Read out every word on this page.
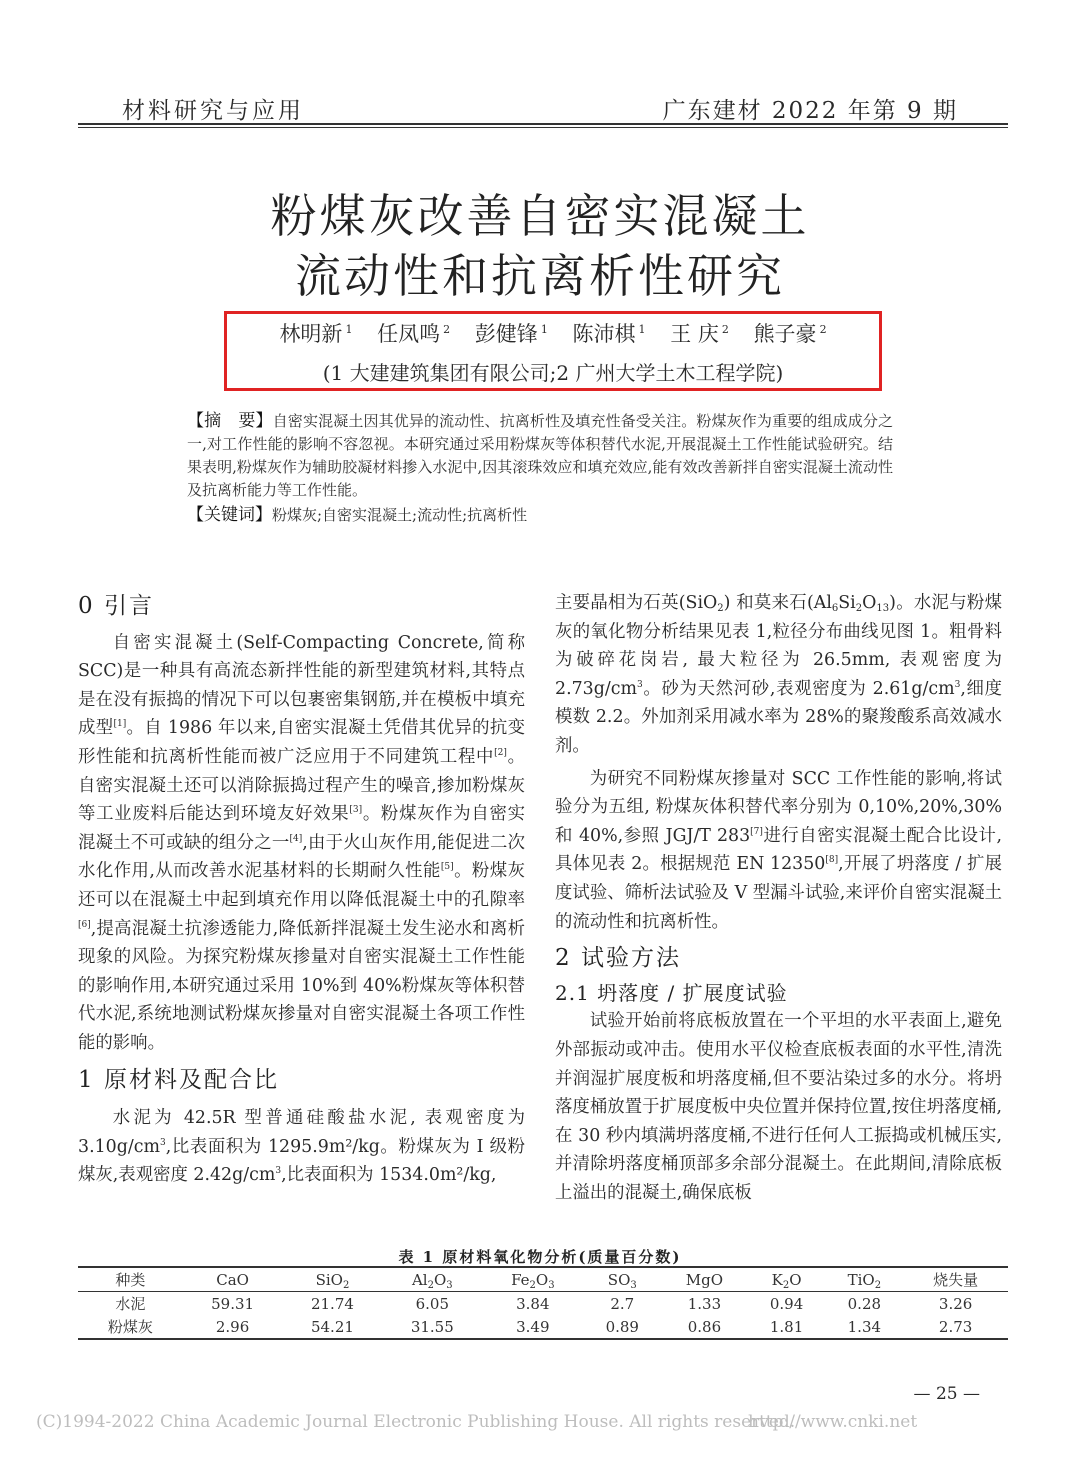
材料研究与应用	广东建材 2022 年第 9 期
粉煤灰改善自密实混凝土
流动性和抗离析性研究
林明新 $^1$ 任凤鸣 $^2$ 彭健锋 $^1$ 陈沛棋 $^1$ 王 庆 $^2$ 熊子豪 $^2$
(1 大建建筑集团有限公司;2 广州大学土木工程学院)
【摘　要】自密实混凝土因其优异的流动性、抗离析性及填充性备受关注。粉煤灰作为重要的组成成分之一,对工作性能的影响不容忽视。本研究通过采用粉煤灰等体积替代水泥,开展混凝土工作性能试验研究。结果表明,粉煤灰作为辅助胶凝材料掺入水泥中,因其滚珠效应和填充效应,能有效改善新拌自密实混凝土流动性及抗离析能力等工作性能。
【关键词】粉煤灰;自密实混凝土;流动性;抗离析性
0 引言

自密实混凝土(Self-Compacting Concrete,简称SCC)是一种具有高流态新拌性能的新型建筑材料,其特点是在没有振捣的情况下可以包裹密集钢筋,并在模板中填充成型[1]。自 1986 年以来,自密实混凝土凭借其优异的抗变形性能和抗离析性能而被广泛应用于不同建筑工程中[2]。自密实混凝土还可以消除振捣过程产生的噪音,掺加粉煤灰等工业废料后能达到环境友好效果[3]。粉煤灰作为自密实混凝土不可或缺的组分之一[4],由于火山灰作用,能促进二次水化作用,从而改善水泥基材料的长期耐久性能[5]。粉煤灰还可以在混凝土中起到填充作用以降低混凝土中的孔隙率[6],提高混凝土抗渗透能力,降低新拌混凝土发生泌水和离析现象的风险。为探究粉煤灰掺量对自密实混凝土工作性能的影响作用,本研究通过采用 10%到 40%粉煤灰等体积替代水泥,系统地测试粉煤灰掺量对自密实混凝土各项工作性能的影响。

1 原材料及配合比

水泥为 42.5R 型普通硅酸盐水泥, 表观密度为 $3.10g/cm^3$,比表面积为 1295.9m²/kg。粉煤灰为 I 级粉煤灰,表观密度 $2.42g/cm^3$,比表面积为 1534.0m²/kg,

主要晶相为石英(SiO$_2$) 和莫来石$(Al_6Si_2O_{13})$。水泥与粉煤灰的氧化物分析结果见表 1,粒径分布曲线见图 1。粗骨料为破碎花岗岩, 最大粒径为 26.5mm, 表观密度为 $2.73g/cm^3$。砂为天然河砂,表观密度为 $2.61g/cm^3$,细度模数 2.2。外加剂采用减水率为 28%的聚羧酸系高效减水剂。

为研究不同粉煤灰掺量对 SCC 工作性能的影响,将试验分为五组, 粉煤灰体积替代率分别为 0,10%,20%,30%和 40%,参照 JGJ/T 283[7]进行自密实混凝土配合比设计,具体见表 2。根据规范 EN 12350[8],开展了坍落度 / 扩展度试验、筛析法试验及 V 型漏斗试验,来评价自密实混凝土的流动性和抗离析性。

2 试验方法
2.1 坍落度 / 扩展度试验

试验开始前将底板放置在一个平坦的水平表面上,避免外部振动或冲击。使用水平仪检查底板表面的水平性,清洗并润湿扩展度板和坍落度桶,但不要沾染过多的水分。将坍落度桶放置于扩展度板中央位置并保持位置,按住坍落度桶,在 30 秒内填满坍落度桶,不进行任何人工振捣或机械压实,并清除坍落度桶顶部多余部分混凝土。在此期间,清除底板上溢出的混凝土,确保底板

表 1 原材料氧化物分析(质量百分数)
种类	CaO	SiO$_2$	$Al_2O_3$	$Fe_2O_3$	$SO_3$	MgO	$K_2O$	TiO$_2$	烧失量
水泥	59.31	21.74	6.05	3.84	2.7	1.33	0.94	0.28	3.26
粉煤灰	2.96	54.21	31.55	3.49	0.89	0.86	1.81	1.34	2.73
— 25 —
(C)1994-2022 China Academic Journal Electronic Publishing House. All rights reserved.
http://www.cnki.net
